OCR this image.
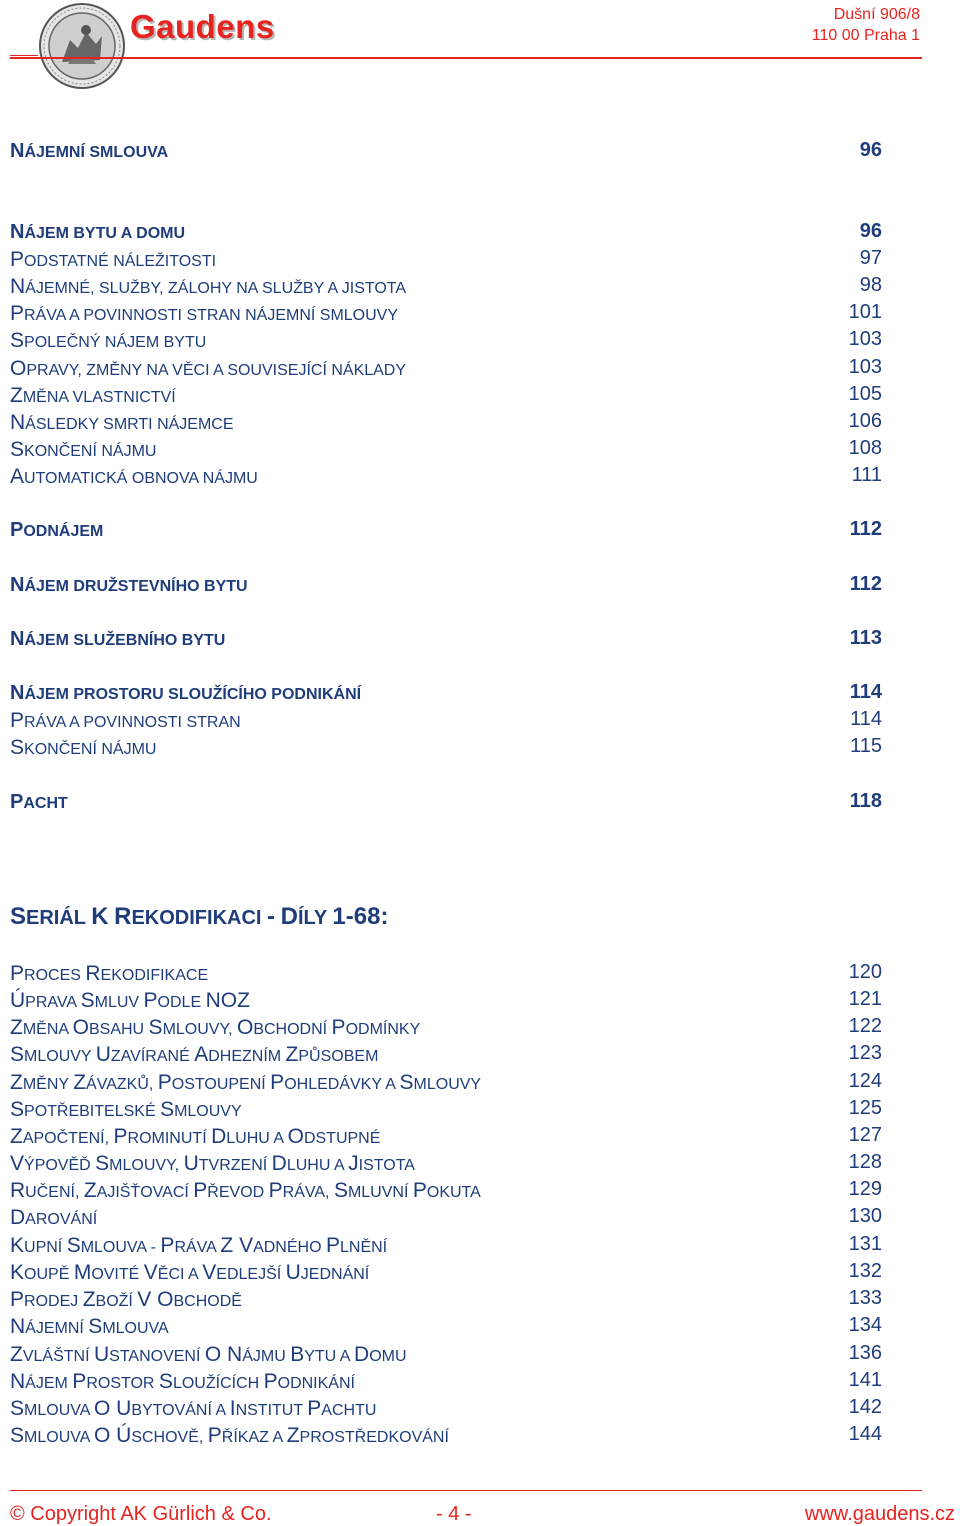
Gaudens	Dušní 906/8
110 00 Praha 1
NÁJEMNÍ SMLOUVA	96
NÁJEM BYTU A DOMU	96
PODSTATNÉ NÁLEŽITOSTI	97
NÁJEMNÉ, SLUŽBY, ZÁLOHY NA SLUŽBY A JISTOTA	98
PRÁVA A POVINNOSTI STRAN NÁJEMNÍ SMLOUVY	101
SPOLEČNÝ NÁJEM BYTU	103
OPRAVY, ZMĚNY NA VĚCI A SOUVISEJÍCÍ NÁKLADY	103
ZMĚNA VLASTNICTVÍ	105
NÁSLEDKY SMRTI NÁJEMCE	106
SKONČENÍ NÁJMU	108
AUTOMATICKÁ OBNOVA NÁJMU	111
PODNÁJEM	112
NÁJEM DRUŽSTEVNÍHO BYTU	112
NÁJEM SLUŽEBNÍHO BYTU	113
NÁJEM PROSTORU SLOUŽÍCÍHO PODNIKÁNÍ	114
PRÁVA A POVINNOSTI STRAN	114
SKONČENÍ NÁJMU	115
PACHT	118
SERIÁL K REKODIFIKACI - DÍLY 1-68:
PROCES REKODIFIKACE	120
ÚPRAVA SMLUV PODLE NOZ	121
ZMĚNA OBSAHU SMLOUVY, OBCHODNÍ PODMÍNKY	122
SMLOUVY UZAVÍRANÉ ADHEZNÍM ZPŮSOBEM	123
ZMĚNY ZÁVAZKŮ, POSTOUPENÍ POHLEDÁVKY A SMLOUVY	124
SPOTŘEBITELSKÉ SMLOUVY	125
ZAPOČTENÍ, PROMINUTÍ DLUHU A ODSTUPNÉ	127
VÝPOVĚĎ SMLOUVY, UTVRZENÍ DLUHU A JISTOTA	128
RUČENÍ, ZAJIŠŤOVACÍ PŘEVOD PRÁVA, SMLUVNÍ POKUTA	129
DAROVÁNÍ	130
KUPNÍ SMLOUVA - PRÁVA Z VADNÉHO PLNĚNÍ	131
KOUPĚ MOVITÉ VĚCI A VEDLEJŠÍ UJEDNÁNÍ	132
PRODEJ ZBOŽÍ V OBCHODĚ	133
NÁJEMNÍ SMLOUVA	134
ZVLÁŠTNÍ USTANOVENÍ O NÁJMU BYTU A DOMU	136
NÁJEM PROSTOR SLOUŽÍCÍCH PODNIKÁNÍ	141
SMLOUVA O UBYTOVÁNÍ A INSTITUT PACHTU	142
SMLOUVA O ÚSCHOVĚ, PŘÍKAZ A ZPROSTŘEDKOVÁNÍ	144
© Copyright AK Gürlich & Co.	- 4 -	www.gaudens.cz
